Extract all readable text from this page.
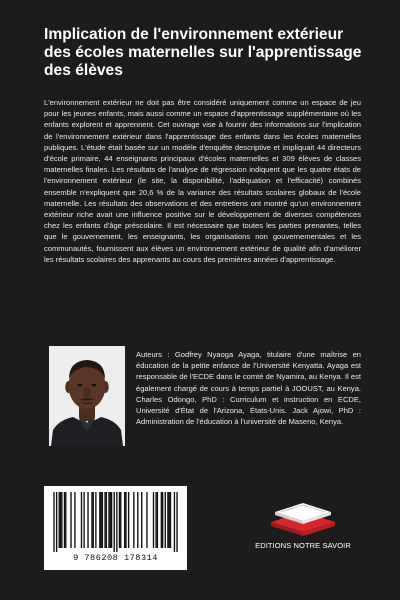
Implication de l'environnement extérieur des écoles maternelles sur l'apprentissage des élèves

L'environnement extérieur ne doit pas être considéré uniquement comme un espace de jeu pour les jeunes enfants, mais aussi comme un espace d'apprentissage supplémentaire où les enfants explorent et apprennent. Cet ouvrage vise à fournir des informations sur l'implication de l'environnement extérieur dans l'apprentissage des enfants dans les écoles maternelles publiques. L'étude était basée sur un modèle d'enquête descriptive et impliquait 44 directeurs d'école primaire, 44 enseignants principaux d'écoles maternelles et 309 élèves de classes maternelles finales. Les résultats de l'analyse de régression indiquent que les quatre états de l'environnement extérieur (le site, la disponibilité, l'adéquation et l'efficacité) combinés ensemble n'expliquent que 20,6 % de la variance des résultats scolaires globaux de l'école maternelle. Les résultats des observations et des entretiens ont montré qu'un environnement extérieur riche avait une influence positive sur le développement de diverses compétences chez les enfants d'âge préscolaire. Il est nécessaire que toutes les parties prenantes, telles que le gouvernement, les enseignants, les organisations non gouvernementales et les communautés, fournissent aux élèves un environnement extérieur de qualité afin d'améliorer les résultats scolaires des apprenants au cours des premières années d'apprentissage.

Auteurs : Godfrey Nyaoga Ayaga, titulaire d'une maîtrise en éducation de la petite enfance de l'Université Kenyatta. Ayaga est responsable de l'ECDE dans le comté de Nyamira, au Kenya. Il est également chargé de cours à temps partiel à JOOUST, au Kenya. Charles Odongo, PhD : Curriculum et instruction en ECDE, Université d'État de l'Arizona, États-Unis. Jack Ajowi, PhD : Administration de l'éducation à l'université de Maseno, Kenya.

9 786208 178314
EDITIONS NOTRE SAVOIR
